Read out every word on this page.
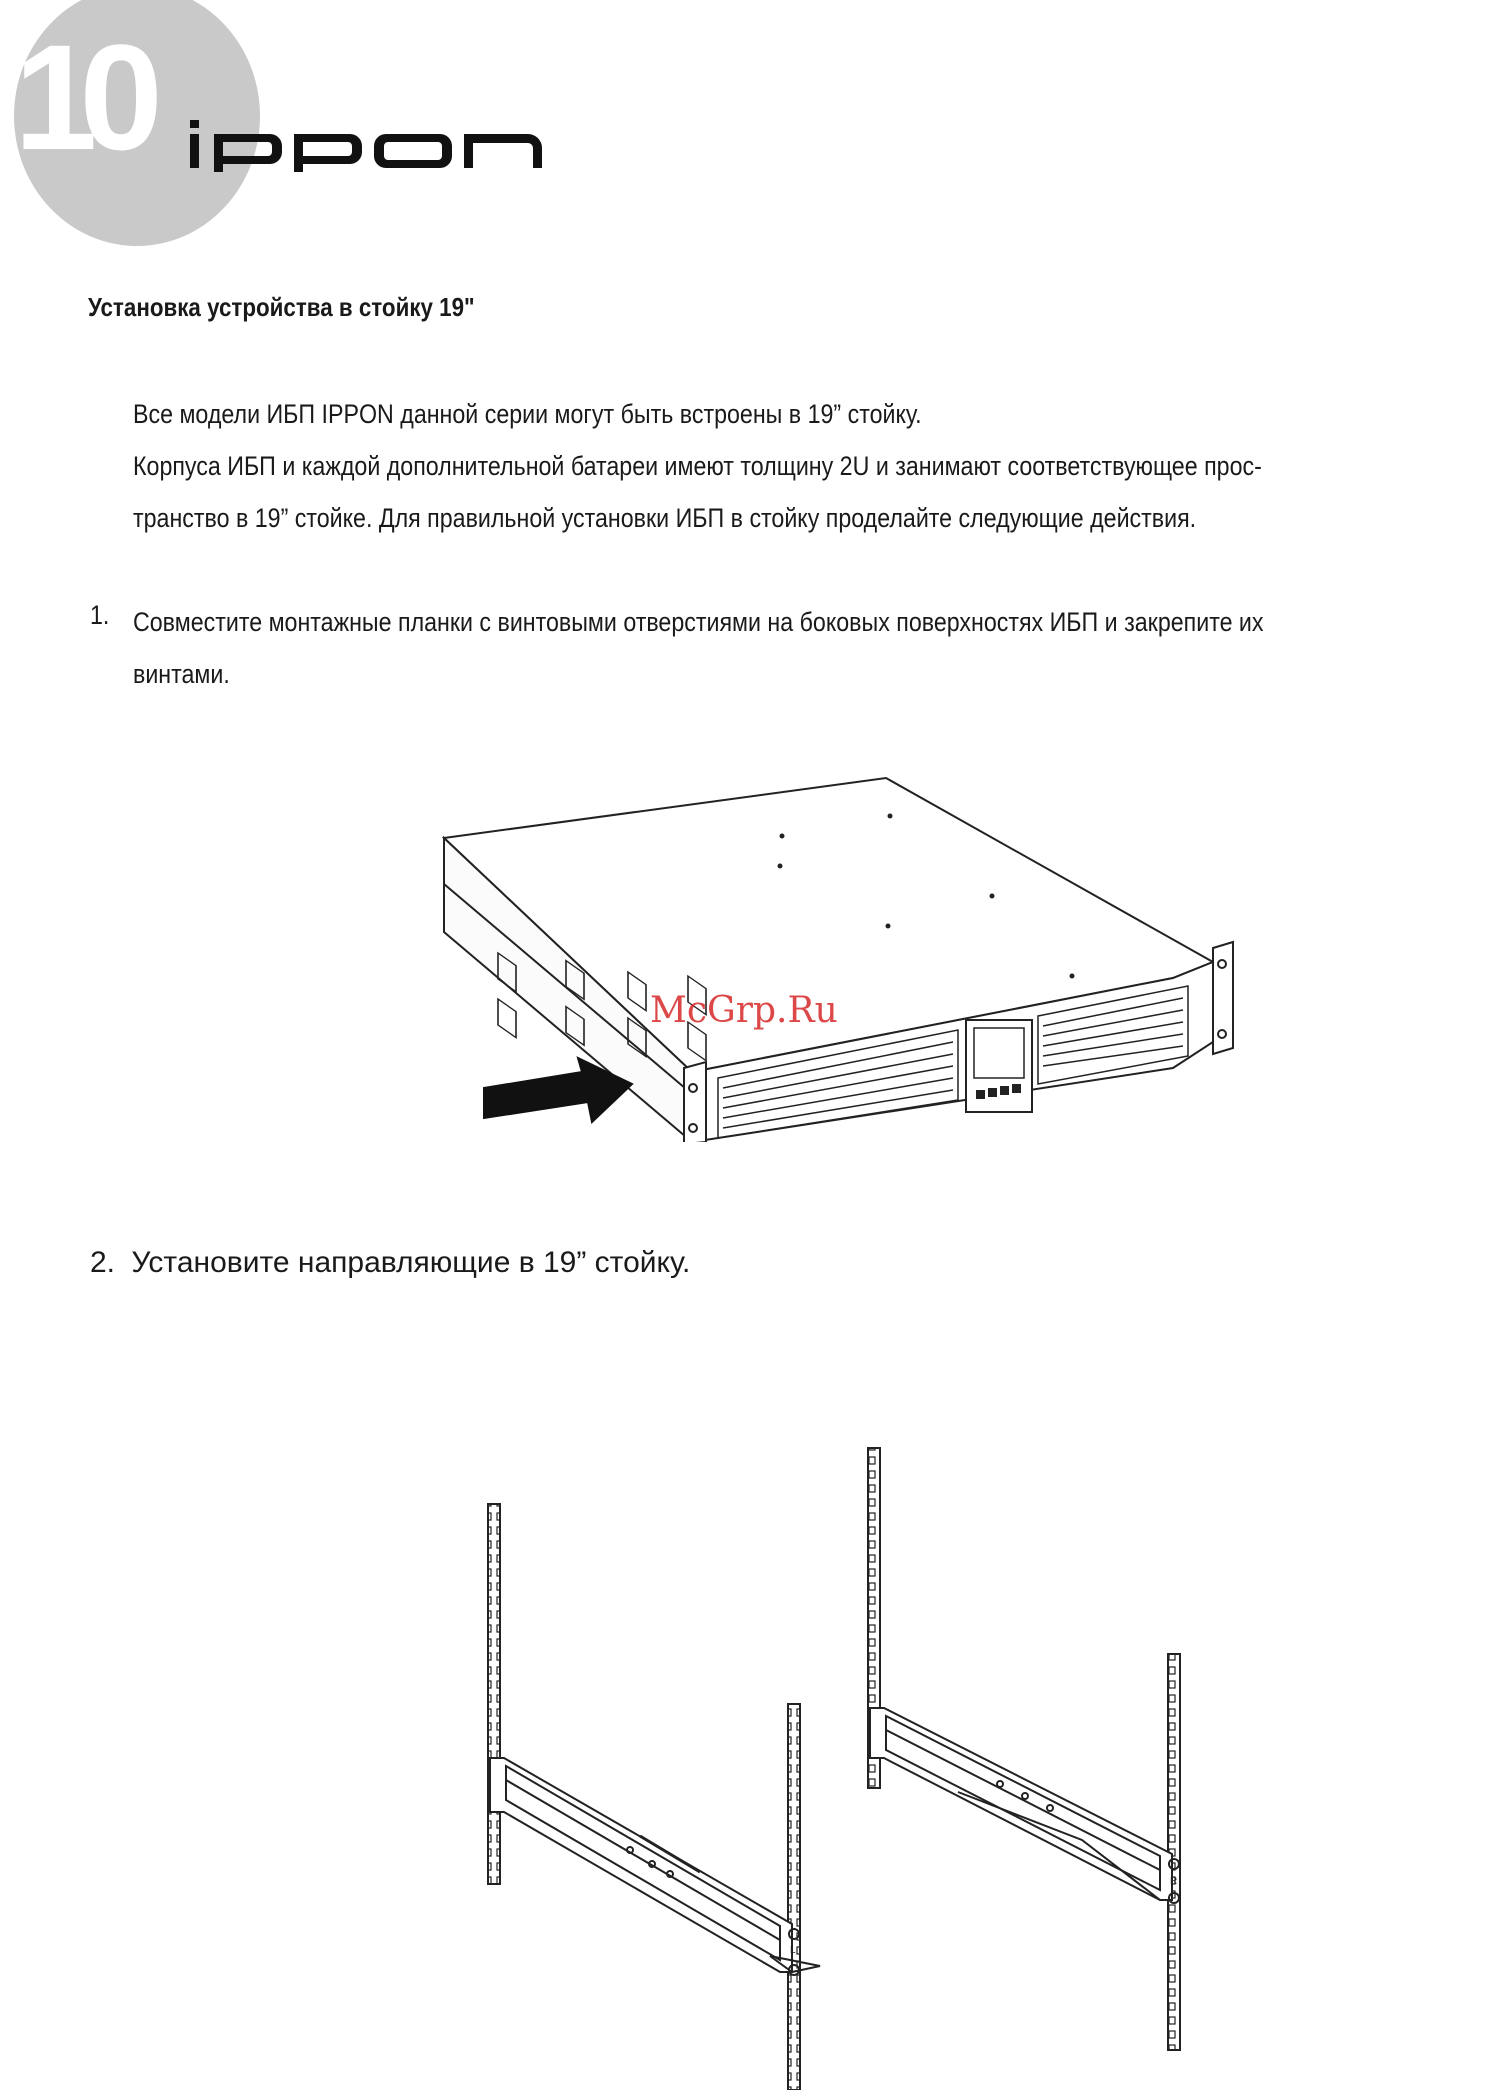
10
Установка устройства в стойку 19"
Все модели ИБП IPPON данной серии могут быть встроены в 19” стойку.
Корпуса ИБП и каждой дополнительной батареи имеют толщину 2U и занимают соответствующее прос-
транство в 19” стойке. Для правильной установки ИБП в стойку проделайте следующие действия.
1. Совместите монтажные планки с винтовыми отверстиями на боковых поверхностях ИБП и закрепите их
винтами.
McGrp.Ru
2. Установите направляющие в 19” стойку.
L
R
